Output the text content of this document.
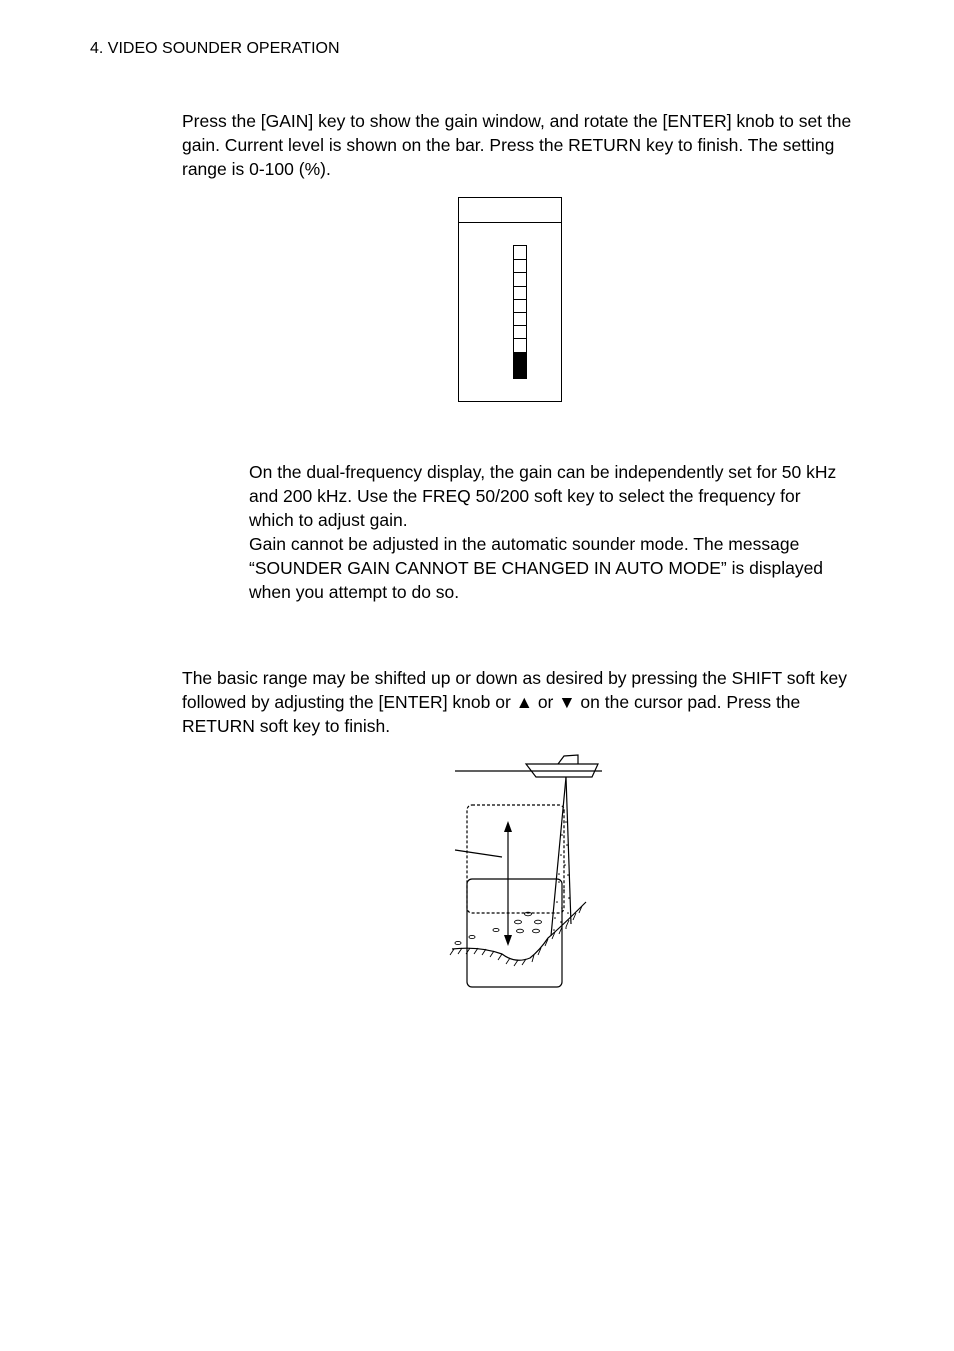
4. VIDEO SOUNDER OPERATION
Press the [GAIN] key to show the gain window, and rotate the [ENTER] knob to set the gain. Current level is shown on the bar. Press the RETURN key to finish. The setting range is 0-100 (%).
On the dual-frequency display, the gain can be independently set for 50 kHz and 200 kHz. Use the FREQ 50/200 soft key to select the frequency for which to adjust gain.
Gain cannot be adjusted in the automatic sounder mode. The message “SOUNDER GAIN CANNOT BE CHANGED IN AUTO MODE” is displayed when you attempt to do so.
The basic range may be shifted up or down as desired by pressing the SHIFT soft key followed by adjusting the [ENTER] knob or ▲ or ▼ on the cursor pad. Press the RETURN soft key to finish.
